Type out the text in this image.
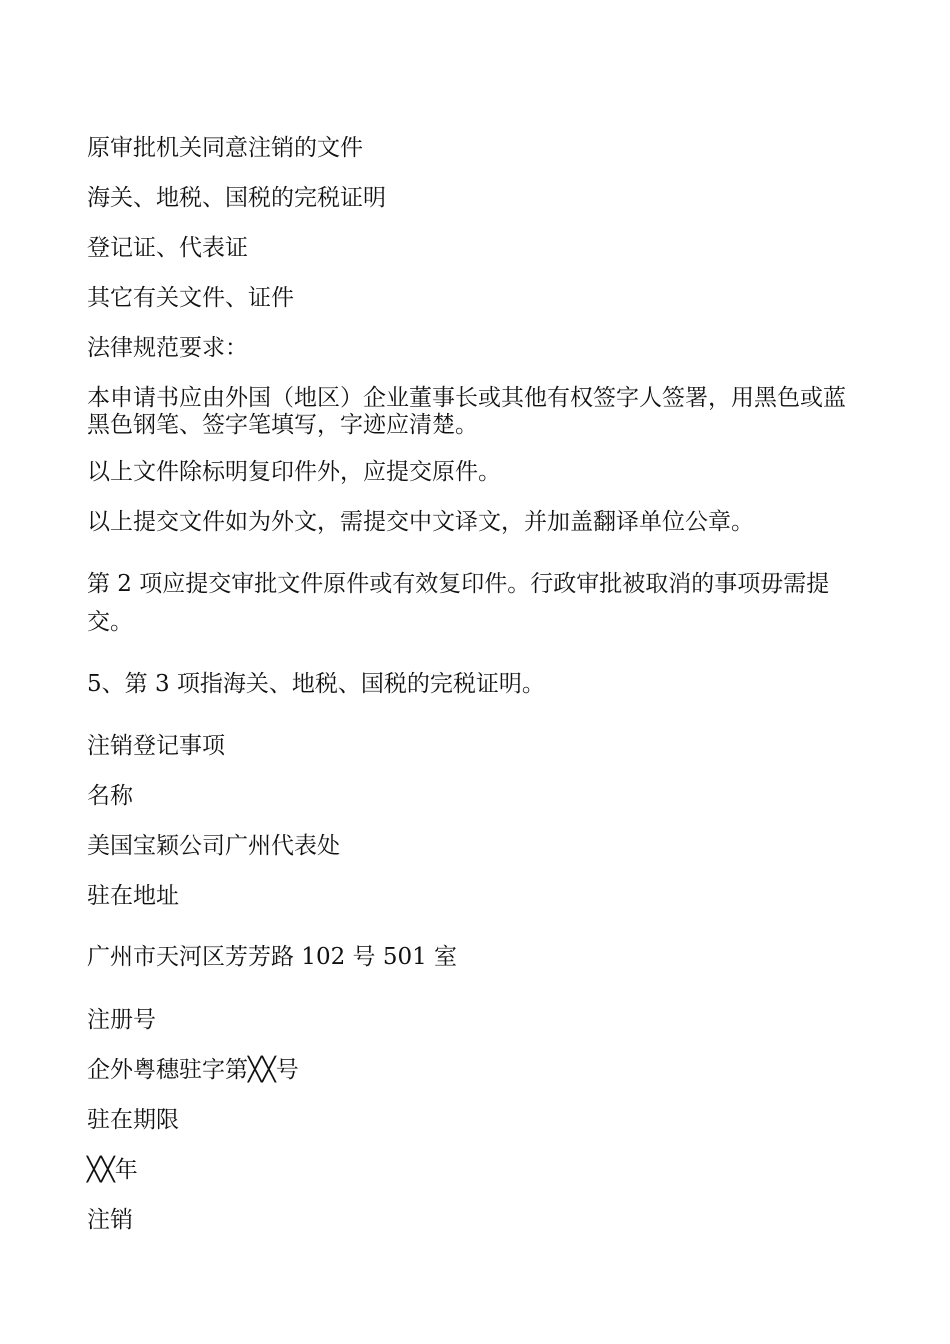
原审批机关同意注销的文件
海关、地税、国税的完税证明
登记证、代表证
其它有关文件、证件
法律规范要求：
本申请书应由外国（地区）企业董事长或其他有权签字人签署，用黑色或蓝黑色钢笔、签字笔填写，字迹应清楚。
以上文件除标明复印件外，应提交原件。
以上提交文件如为外文，需提交中文译文，并加盖翻译单位公章。
第 2 项应提交审批文件原件或有效复印件。行政审批被取消的事项毋需提交。
5、第 3 项指海关、地税、国税的完税证明。
注销登记事项
名称
美国宝颖公司广州代表处
驻在地址
广州市天河区芳芳路 102 号 501 室
注册号
企外粤穗驻字第╳╳号
驻在期限
╳╳年
注销
